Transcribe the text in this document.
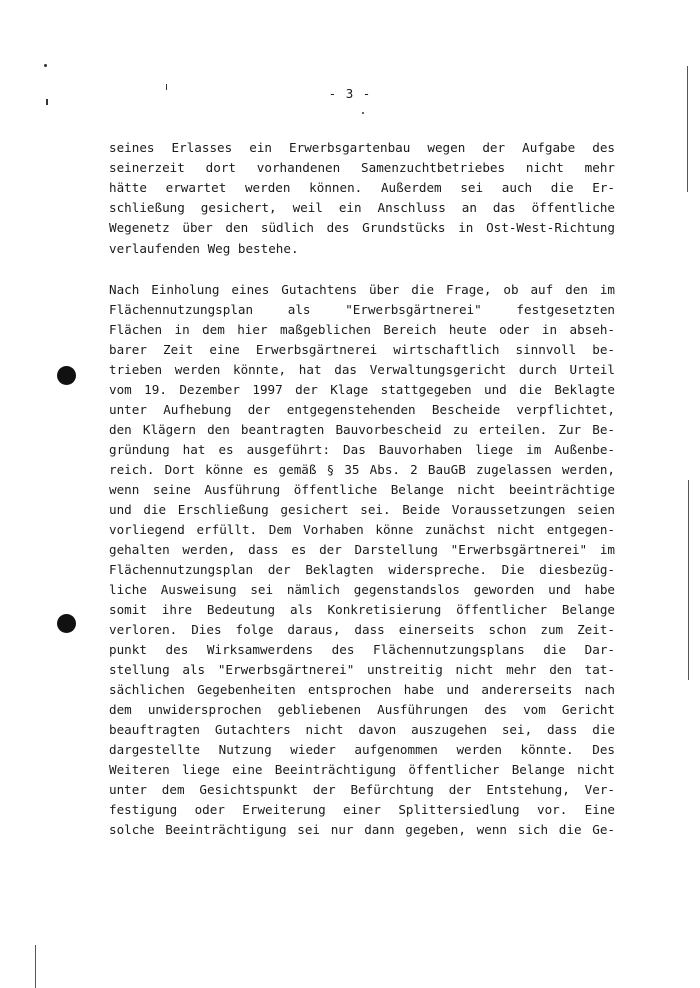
- 3 -
seines Erlasses ein Erwerbsgartenbau wegen der Aufgabe des
seinerzeit dort vorhandenen Samenzuchtbetriebes nicht mehr
hätte erwartet werden können. Außerdem sei auch die Er-
schließung gesichert, weil ein Anschluss an das öffentliche
Wegenetz über den südlich des Grundstücks in Ost-West-Richtung
verlaufenden Weg bestehe.
Nach Einholung eines Gutachtens über die Frage, ob auf den im
Flächennutzungsplan als "Erwerbsgärtnerei" festgesetzten
Flächen in dem hier maßgeblichen Bereich heute oder in abseh-
barer Zeit eine Erwerbsgärtnerei wirtschaftlich sinnvoll be-
trieben werden könnte, hat das Verwaltungsgericht durch Urteil
vom 19. Dezember 1997 der Klage stattgegeben und die Beklagte
unter Aufhebung der entgegenstehenden Bescheide verpflichtet,
den Klägern den beantragten Bauvorbescheid zu erteilen. Zur Be-
gründung hat es ausgeführt: Das Bauvorhaben liege im Außenbe-
reich. Dort könne es gemäß § 35 Abs. 2 BauGB zugelassen werden,
wenn seine Ausführung öffentliche Belange nicht beeinträchtige
und die Erschließung gesichert sei. Beide Voraussetzungen seien
vorliegend erfüllt. Dem Vorhaben könne zunächst nicht entgegen-
gehalten werden, dass es der Darstellung "Erwerbsgärtnerei" im
Flächennutzungsplan der Beklagten widerspreche. Die diesbezüg-
liche Ausweisung sei nämlich gegenstandslos geworden und habe
somit ihre Bedeutung als Konkretisierung öffentlicher Belange
verloren. Dies folge daraus, dass einerseits schon zum Zeit-
punkt des Wirksamwerdens des Flächennutzungsplans die Dar-
stellung als "Erwerbsgärtnerei" unstreitig nicht mehr den tat-
sächlichen Gegebenheiten entsprochen habe und andererseits nach
dem unwidersprochen gebliebenen Ausführungen des vom Gericht
beauftragten Gutachters nicht davon auszugehen sei, dass die
dargestellte Nutzung wieder aufgenommen werden könnte. Des
Weiteren liege eine Beeinträchtigung öffentlicher Belange nicht
unter dem Gesichtspunkt der Befürchtung der Entstehung, Ver-
festigung oder Erweiterung einer Splittersiedlung vor. Eine
solche Beeinträchtigung sei nur dann gegeben, wenn sich die Ge-
